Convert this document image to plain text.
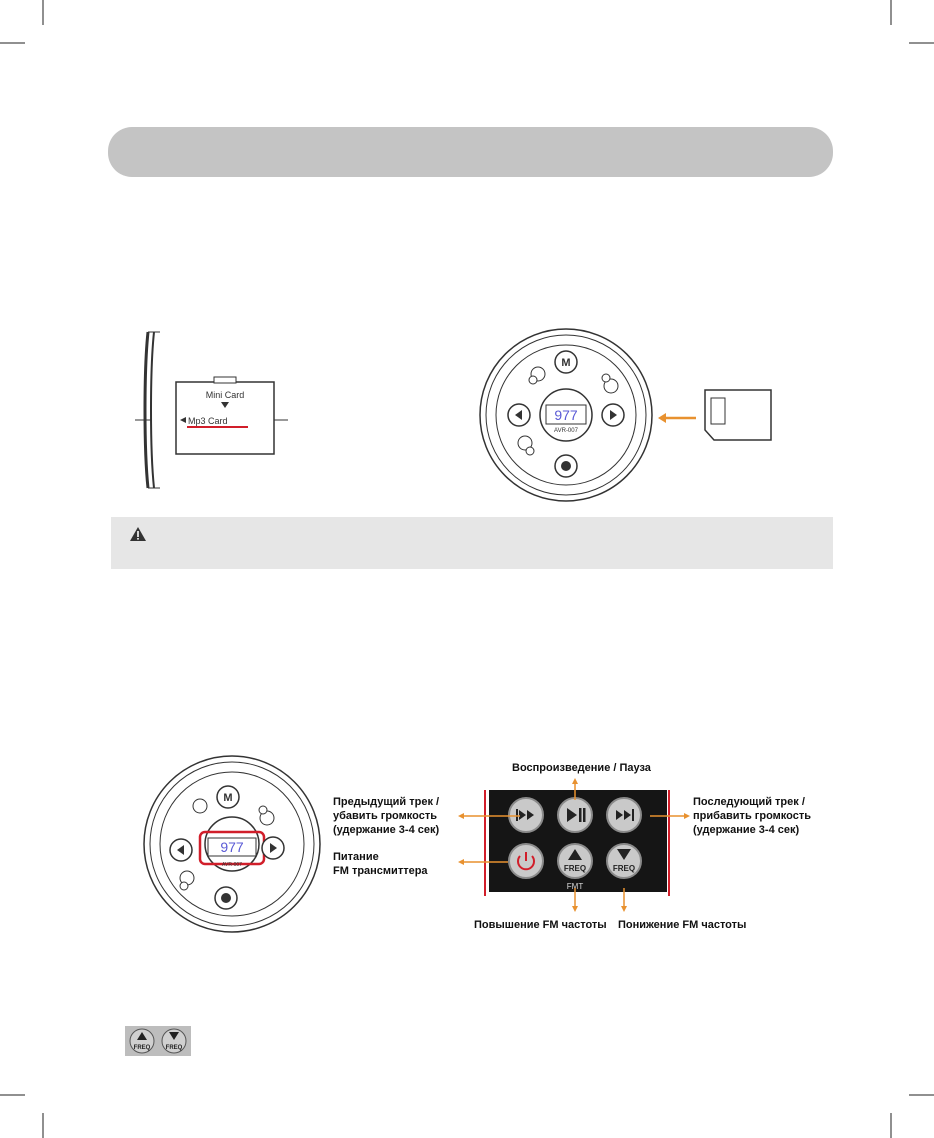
Mini Card
Mp3 Card	977
AVR-007
M
977
AVR-007
M
Воспроизведение / Пауза
Предыдущий трек /
убавить громкость
(удержание 3-4 сек)
Последующий трек /
прибавить громкость
(удержание 3-4 сек)
Питание
FM трансмиттера
Повышение FM частоты Понижение FM частоты
FREQ	FREQ
FMT
FREQ	FREQ
